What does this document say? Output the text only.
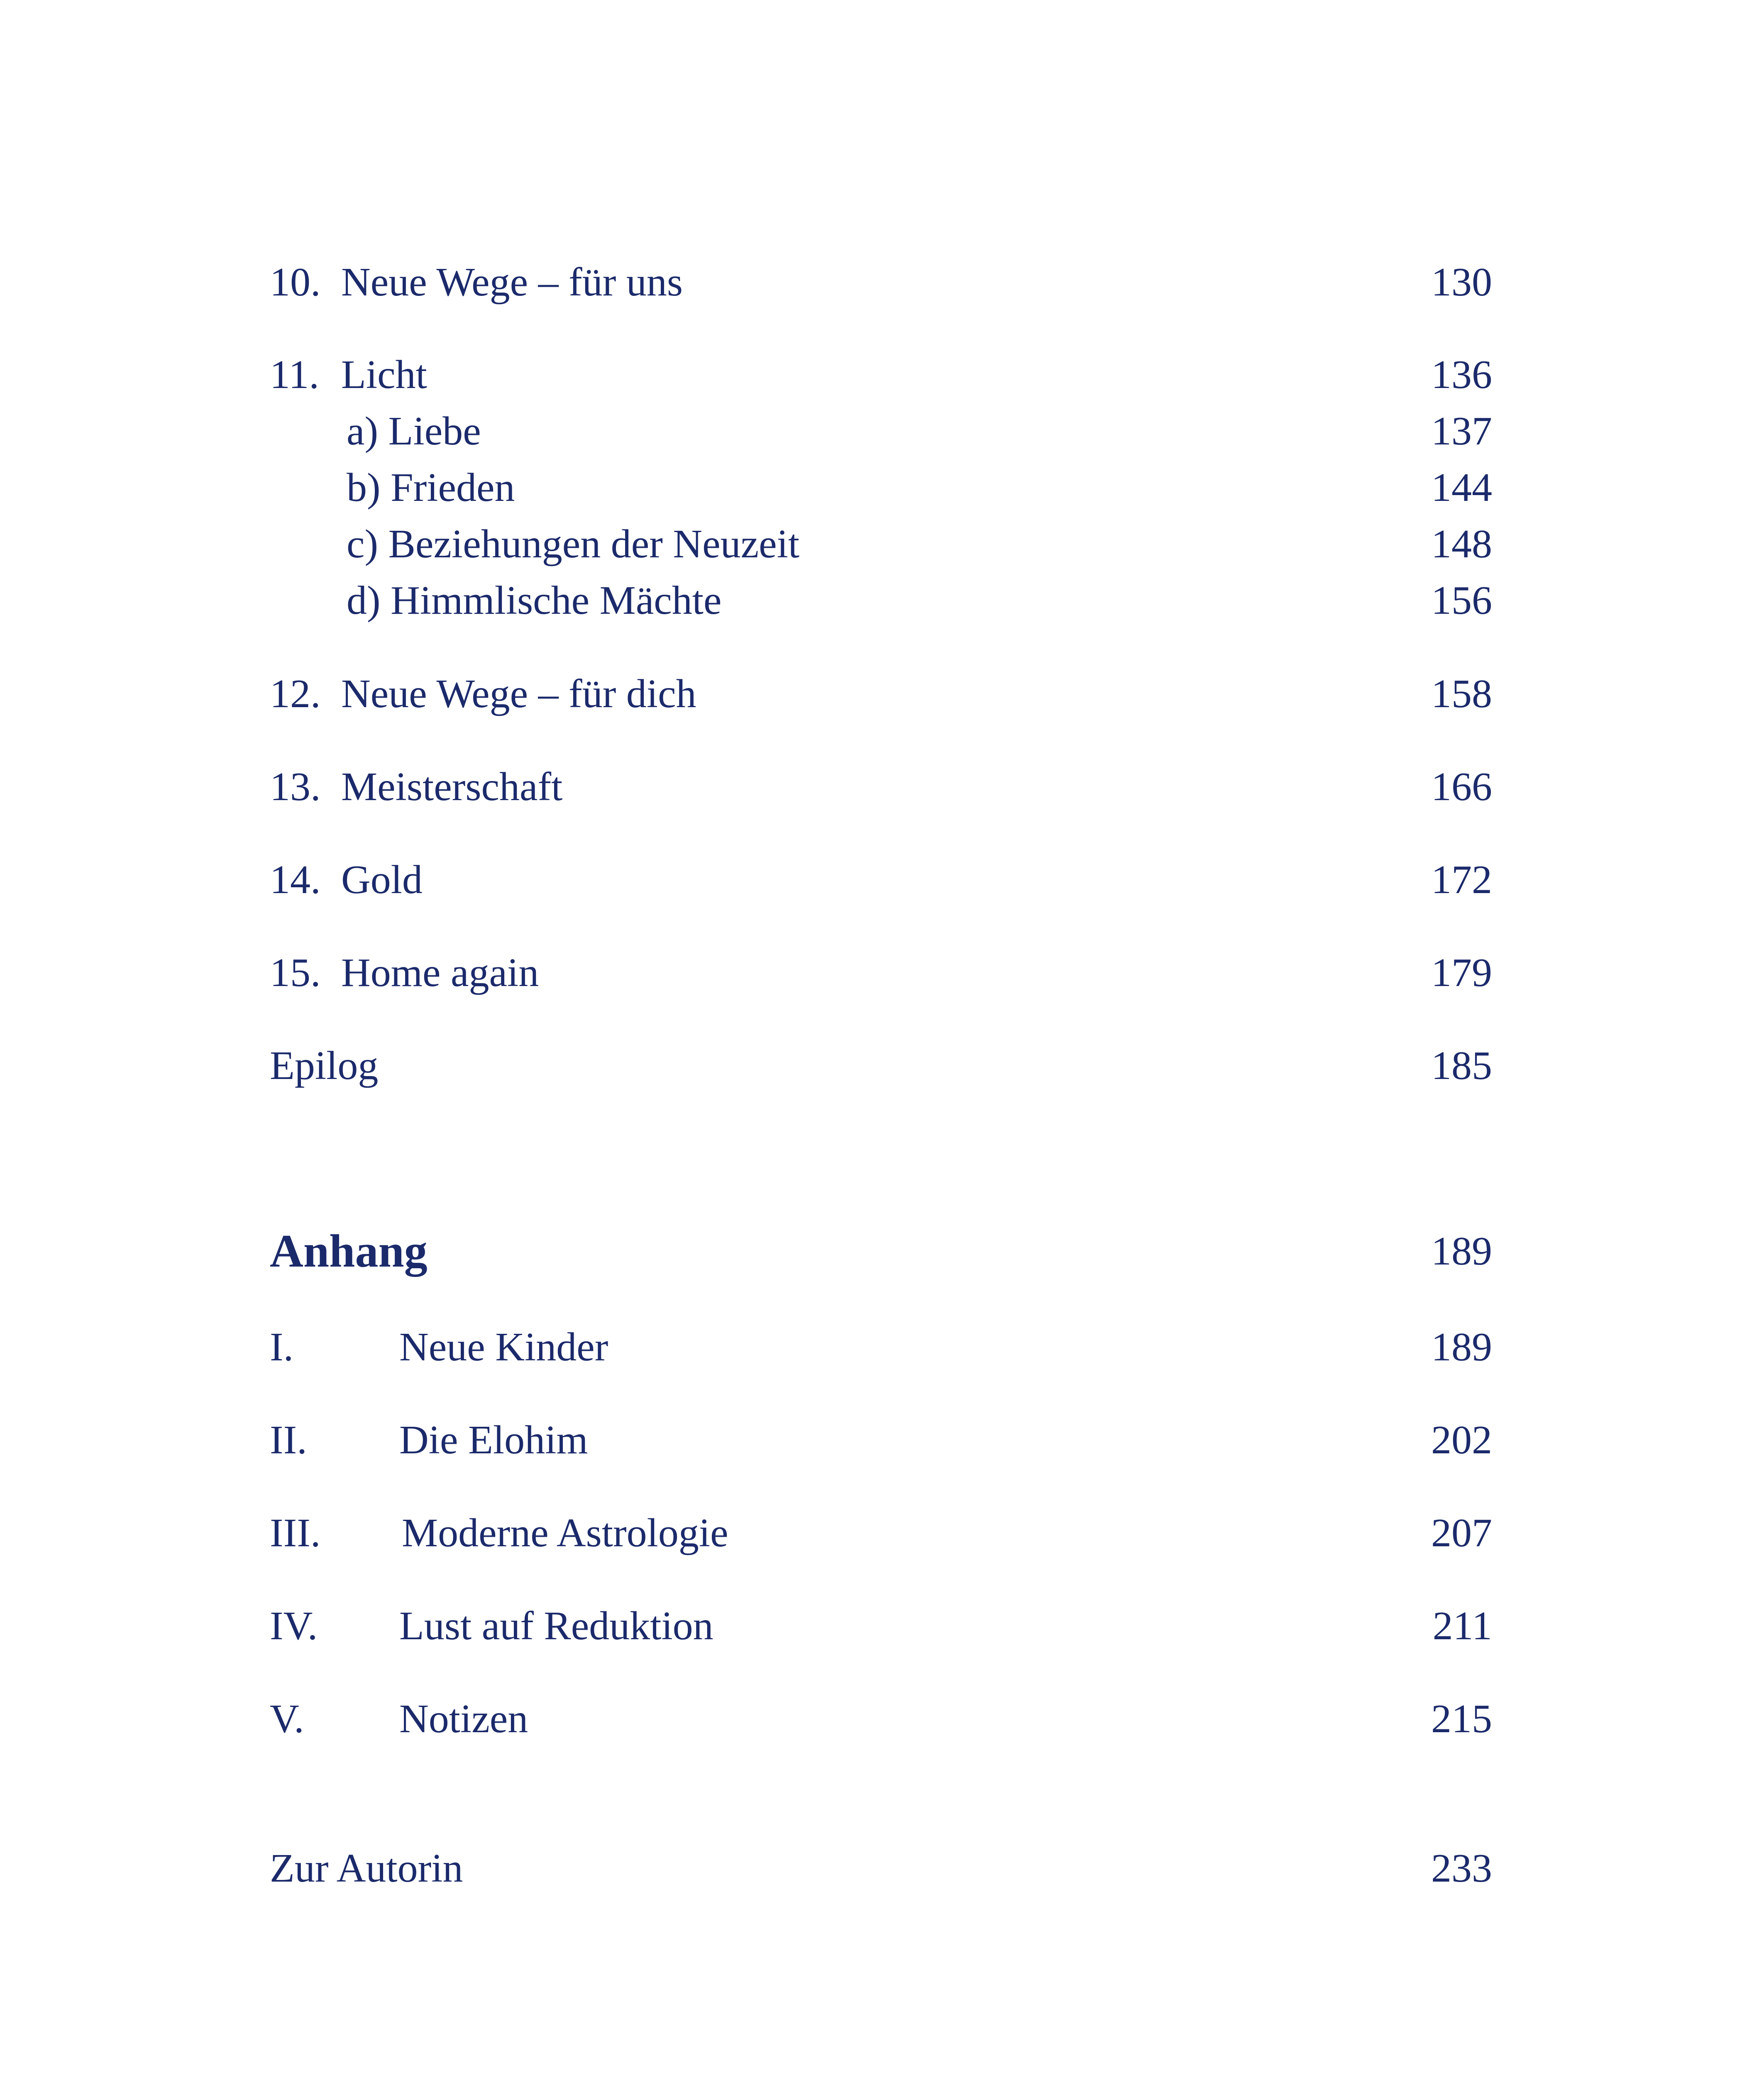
10. Neue Wege – für uns	130
11. Licht	136
a) Liebe	137
b) Frieden	144
c) Beziehungen der Neuzeit	148
d) Himmlische Mächte	156
12. Neue Wege – für dich	158
13. Meisterschaft	166
14. Gold	172
15. Home again	179
Epilog	185
Anhang	189
I.	Neue Kinder	189
II. Die Elohim	202
III. Moderne Astrologie	207
IV. Lust auf Reduktion	211
V. Notizen	215
Zur Autorin	233
